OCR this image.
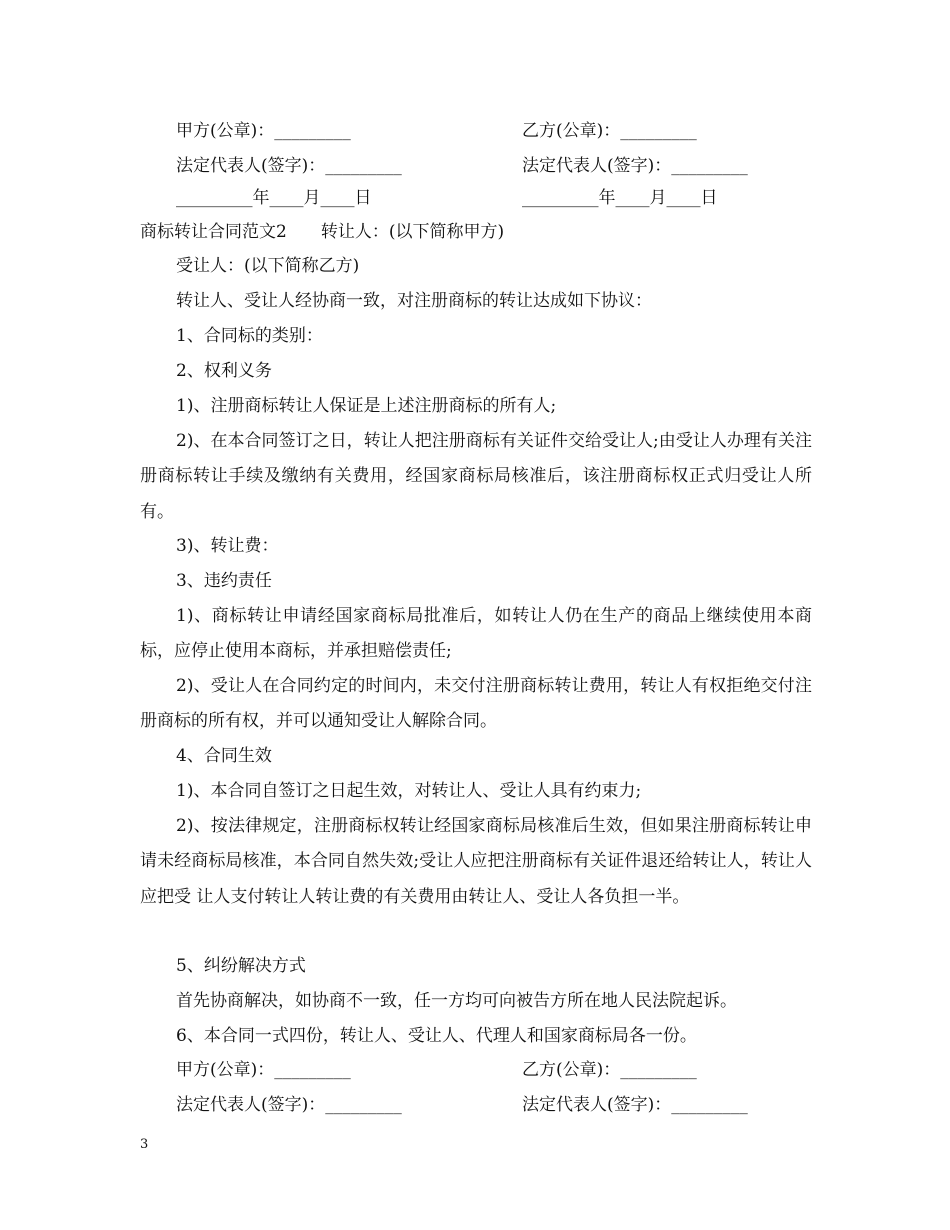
甲方(公章)：_________	乙方(公章)：_________
法定代表人(签字)：_________	法定代表人(签字)：_________
_________年____月____日	_________年____月____日
商标转让合同范文2　　转让人：(以下简称甲方)
受让人：(以下简称乙方)
转让人、受让人经协商一致，对注册商标的转让达成如下协议：
1、合同标的类别：
2、权利义务
1)、注册商标转让人保证是上述注册商标的所有人;
2)、在本合同签订之日，转让人把注册商标有关证件交给受让人;由受让人办理有关注册商标转让手续及缴纳有关费用，经国家商标局核准后，该注册商标权正式归受让人所有。
3)、转让费：
3、违约责任
1)、商标转让申请经国家商标局批准后，如转让人仍在生产的商品上继续使用本商标，应停止使用本商标，并承担赔偿责任;
2)、受让人在合同约定的时间内，未交付注册商标转让费用，转让人有权拒绝交付注册商标的所有权，并可以通知受让人解除合同。
4、合同生效
1)、本合同自签订之日起生效，对转让人、受让人具有约束力;
2)、按法律规定，注册商标权转让经国家商标局核准后生效，但如果注册商标转让申请未经商标局核准，本合同自然失效;受让人应把注册商标有关证件退还给转让人，转让人应把受 让人支付转让人转让费的有关费用由转让人、受让人各负担一半。
5、纠纷解决方式
首先协商解决，如协商不一致，任一方均可向被告方所在地人民法院起诉。
6、本合同一式四份，转让人、受让人、代理人和国家商标局各一份。
甲方(公章)：_________	乙方(公章)：_________
法定代表人(签字)：_________	法定代表人(签字)：_________
3
